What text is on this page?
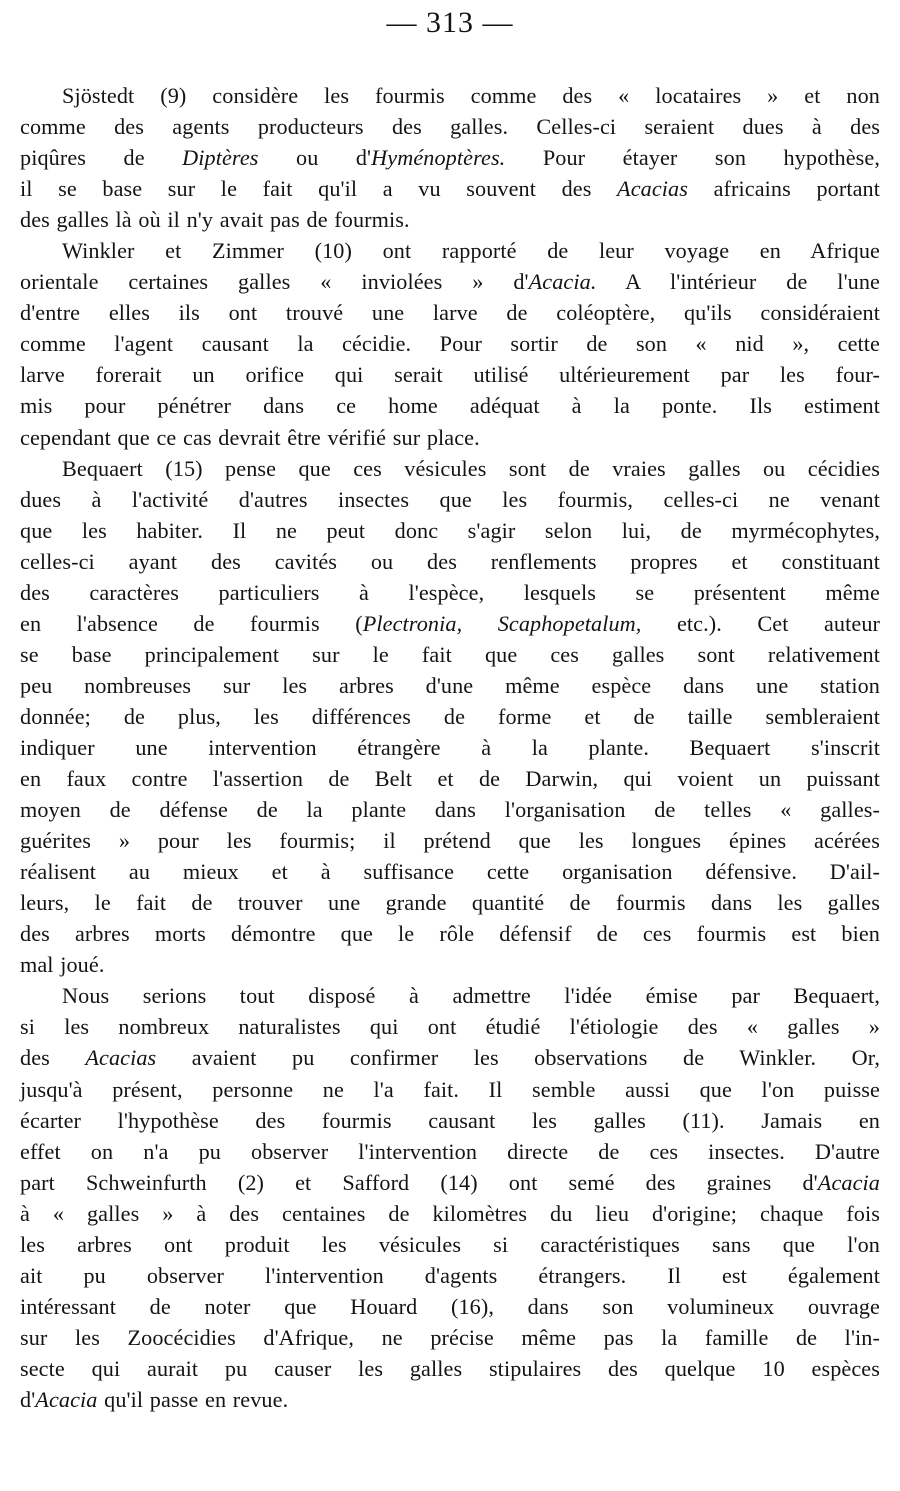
— 313 —
Sjöstedt (9) considère les fourmis comme des « locataires » et non
comme des agents producteurs des galles. Celles-ci seraient dues à des
piqûres de Diptères ou d'Hyménoptères. Pour étayer son hypothèse,
il se base sur le fait qu'il a vu souvent des Acacias africains portant
des galles là où il n'y avait pas de fourmis.
Winkler et Zimmer (10) ont rapporté de leur voyage en Afrique
orientale certaines galles « inviolées » d'Acacia. A l'intérieur de l'une
d'entre elles ils ont trouvé une larve de coléoptère, qu'ils considéraient
comme l'agent causant la cécidie. Pour sortir de son « nid », cette
larve forerait un orifice qui serait utilisé ultérieurement par les four-
mis pour pénétrer dans ce home adéquat à la ponte. Ils estiment
cependant que ce cas devrait être vérifié sur place.
Bequaert (15) pense que ces vésicules sont de vraies galles ou cécidies
dues à l'activité d'autres insectes que les fourmis, celles-ci ne venant
que les habiter. Il ne peut donc s'agir selon lui, de myrmécophytes,
celles-ci ayant des cavités ou des renflements propres et constituant
des caractères particuliers à l'espèce, lesquels se présentent même
en l'absence de fourmis (Plectronia, Scaphopetalum, etc.). Cet auteur
se base principalement sur le fait que ces galles sont relativement
peu nombreuses sur les arbres d'une même espèce dans une station
donnée; de plus, les différences de forme et de taille sembleraient
indiquer une intervention étrangère à la plante. Bequaert s'inscrit
en faux contre l'assertion de Belt et de Darwin, qui voient un puissant
moyen de défense de la plante dans l'organisation de telles « galles-
guérites » pour les fourmis; il prétend que les longues épines acérées
réalisent au mieux et à suffisance cette organisation défensive. D'ail-
leurs, le fait de trouver une grande quantité de fourmis dans les galles
des arbres morts démontre que le rôle défensif de ces fourmis est bien
mal joué.
Nous serions tout disposé à admettre l'idée émise par Bequaert,
si les nombreux naturalistes qui ont étudié l'étiologie des « galles »
des Acacias avaient pu confirmer les observations de Winkler. Or,
jusqu'à présent, personne ne l'a fait. Il semble aussi que l'on puisse
écarter l'hypothèse des fourmis causant les galles (11). Jamais en
effet on n'a pu observer l'intervention directe de ces insectes. D'autre
part Schweinfurth (2) et Safford (14) ont semé des graines d'Acacia
à « galles » à des centaines de kilomètres du lieu d'origine; chaque fois
les arbres ont produit les vésicules si caractéristiques sans que l'on
ait pu observer l'intervention d'agents étrangers. Il est également
intéressant de noter que Houard (16), dans son volumineux ouvrage
sur les Zoocécidies d'Afrique, ne précise même pas la famille de l'in-
secte qui aurait pu causer les galles stipulaires des quelque 10 espèces
d'Acacia qu'il passe en revue.
